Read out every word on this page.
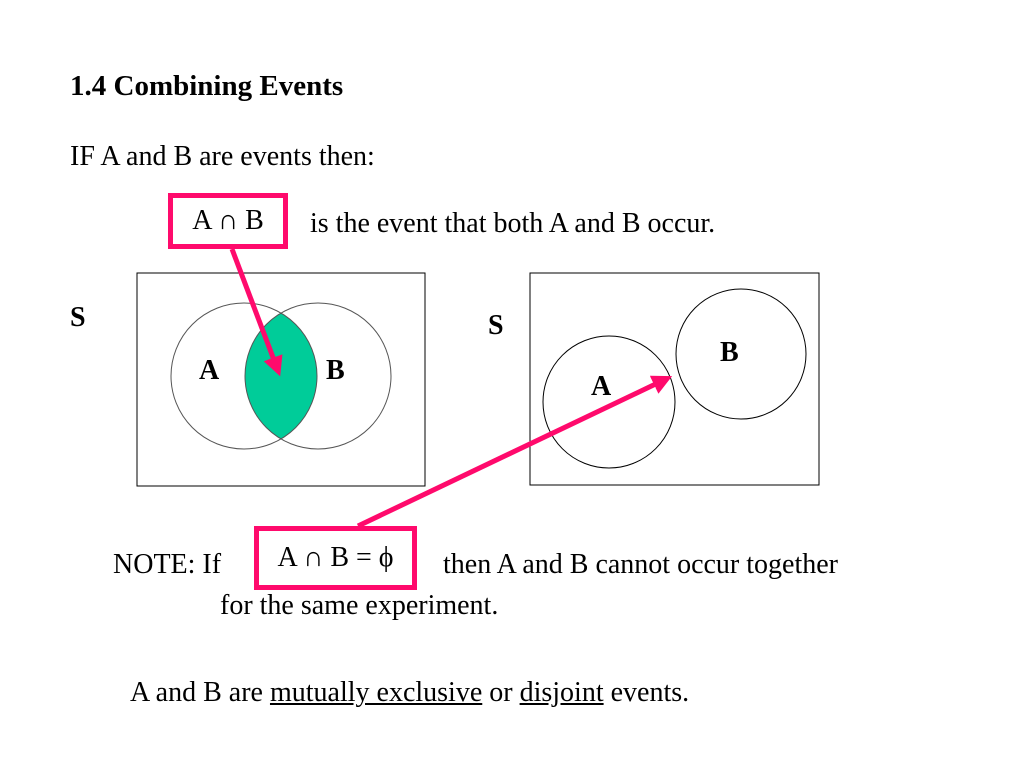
1.4 Combining Events
IF A and B are events then:
A ∩ B is the event that both A and B occur.
S	S
A	B
A
B
NOTE: If A ∩ B = ϕ then A and B cannot occur together
for the same experiment.
A and B are mutually exclusive or disjoint events.
